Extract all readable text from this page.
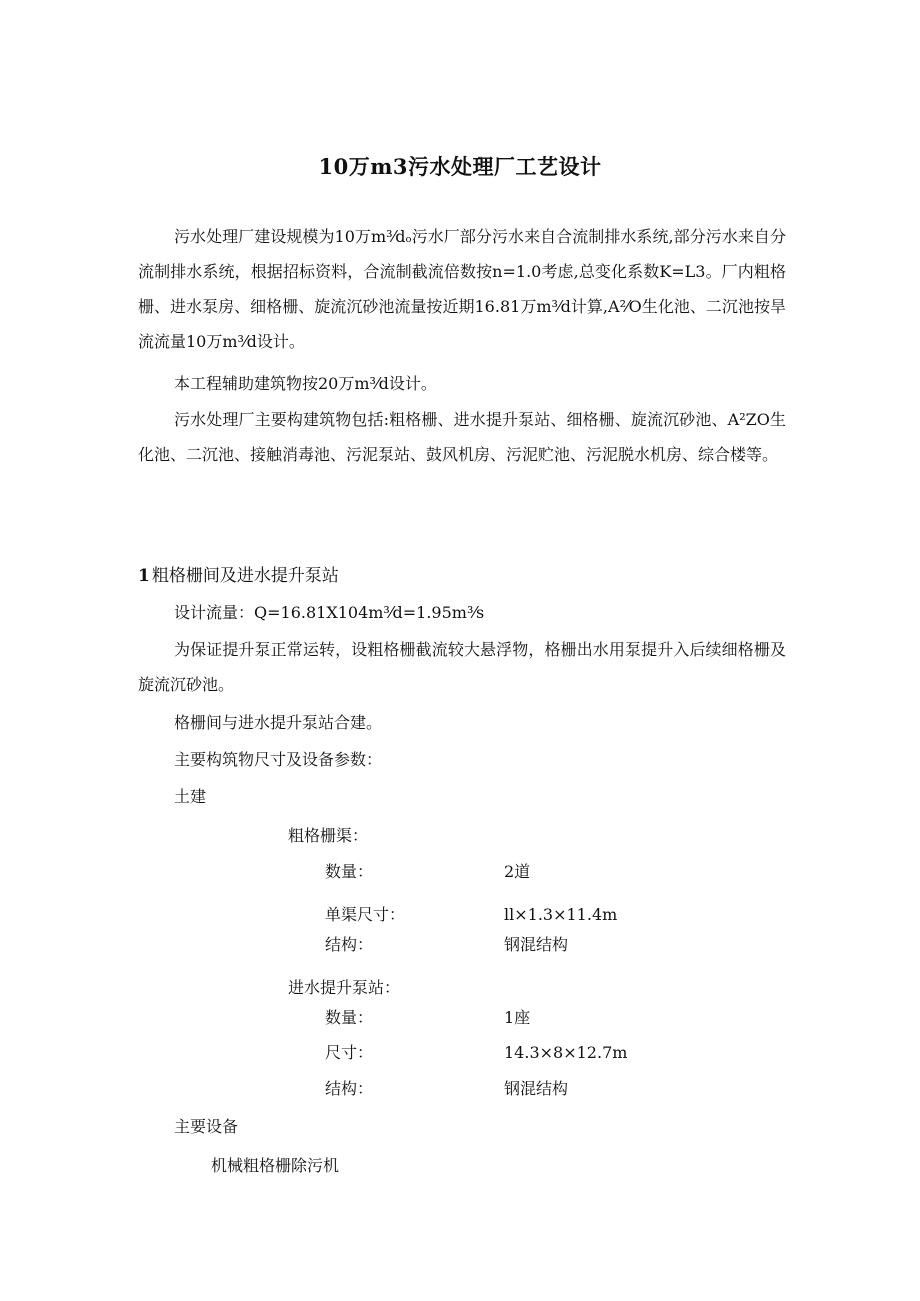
10万m3污水处理厂工艺设计
污水处理厂建设规模为10万m³⁄dₒ污水厂部分污水来自合流制排水系统,部分污水来自分流制排水系统，根据招标资料，合流制截流倍数按n=1.0考虑,总变化系数K=L3。厂内粗格栅、进水泵房、细格栅、旋流沉砂池流量按近期16.81万m³⁄d计算,A²⁄O生化池、二沉池按旱流流量10万m³⁄d设计。
本工程辅助建筑物按20万m³⁄d设计。
污水处理厂主要构建筑物包括:粗格栅、进水提升泵站、细格栅、旋流沉砂池、A²ZO生化池、二沉池、接触消毒池、污泥泵站、鼓风机房、污泥贮池、污泥脱水机房、综合楼等。
1 粗格栅间及进水提升泵站
设计流量：Q=16.81X104m³⁄d=1.95m³⁄s
为保证提升泵正常运转，设粗格栅截流较大悬浮物，格栅出水用泵提升入后续细格栅及旋流沉砂池。
格栅间与进水提升泵站合建。
主要构筑物尺寸及设备参数：
土建
粗格栅渠：
数量：	2道
单渠尺寸：	ll×1.3×11.4m
结构：	钢混结构
进水提升泵站：
数量：	1座
尺寸：	14.3×8×12.7m
结构：	钢混结构
主要设备
机械粗格栅除污机
